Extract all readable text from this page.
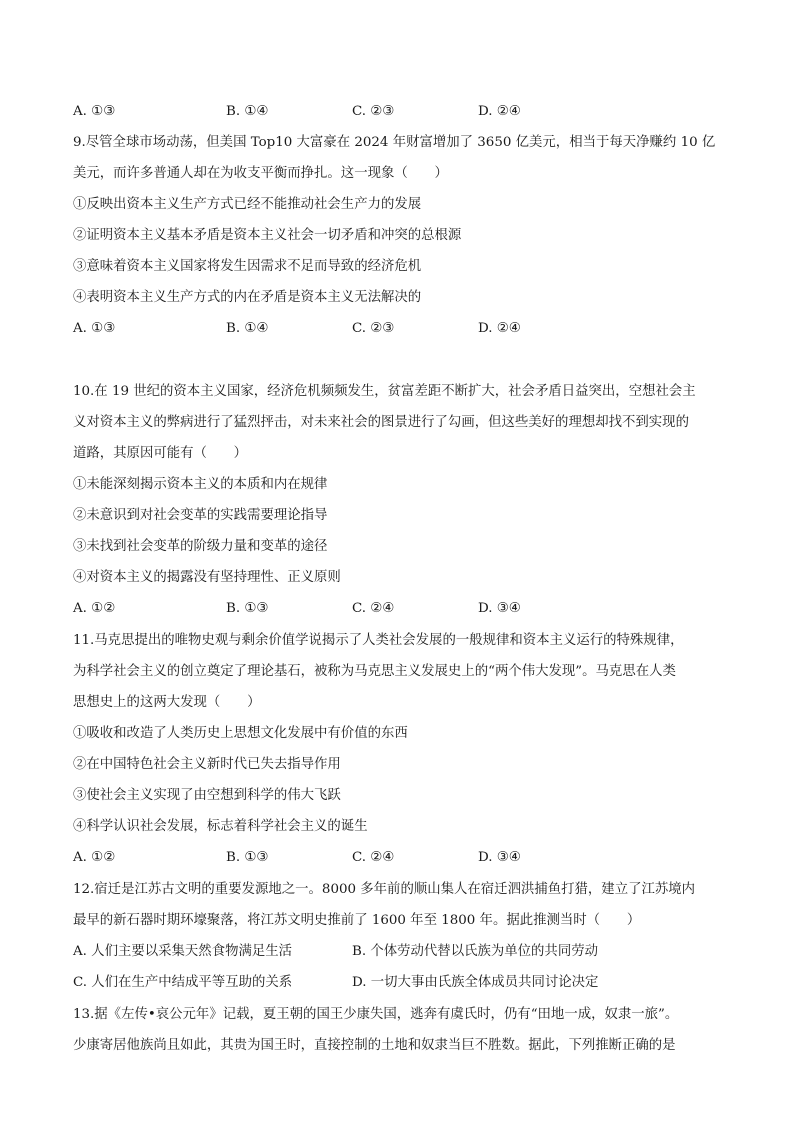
A. ①③	B. ①④	C. ②③	D. ②④
9.尽管全球市场动荡，但美国 Top10 大富豪在 2024 年财富增加了 3650 亿美元，相当于每天净赚约 10 亿
美元，而许多普通人却在为收支平衡而挣扎。这一现象（　　）
①反映出资本主义生产方式已经不能推动社会生产力的发展
②证明资本主义基本矛盾是资本主义社会一切矛盾和冲突的总根源
③意味着资本主义国家将发生因需求不足而导致的经济危机
④表明资本主义生产方式的内在矛盾是资本主义无法解决的
A. ①③	B. ①④	C. ②③	D. ②④
10.在 19 世纪的资本主义国家，经济危机频频发生，贫富差距不断扩大，社会矛盾日益突出，空想社会主
义对资本主义的弊病进行了猛烈抨击，对未来社会的图景进行了勾画，但这些美好的理想却找不到实现的
道路，其原因可能有（　　）
①未能深刻揭示资本主义的本质和内在规律
②未意识到对社会变革的实践需要理论指导
③未找到社会变革的阶级力量和变革的途径
④对资本主义的揭露没有坚持理性、正义原则
A. ①②	B. ①③	C. ②④	D. ③④
11.马克思提出的唯物史观与剩余价值学说揭示了人类社会发展的一般规律和资本主义运行的特殊规律，
为科学社会主义的创立奠定了理论基石，被称为马克思主义发展史上的“两个伟大发现”。马克思在人类
思想史上的这两大发现（　　）
①吸收和改造了人类历史上思想文化发展中有价值的东西
②在中国特色社会主义新时代已失去指导作用
③使社会主义实现了由空想到科学的伟大飞跃
④科学认识社会发展，标志着科学社会主义的诞生
A. ①②	B. ①③	C. ②④	D. ③④
12.宿迁是江苏古文明的重要发源地之一。8000 多年前的顺山集人在宿迁泗洪捕鱼打猎，建立了江苏境内
最早的新石器时期环壕聚落，将江苏文明史推前了 1600 年至 1800 年。据此推测当时（　　）
A. 人们主要以采集天然食物满足生活	B. 个体劳动代替以氏族为单位的共同劳动
C. 人们在生产中结成平等互助的关系	D. 一切大事由氏族全体成员共同讨论决定
13.据《左传•哀公元年》记载，夏王朝的国王少康失国，逃奔有虞氏时，仍有“田地一成，奴隶一旅”。
少康寄居他族尚且如此，其贵为国王时，直接控制的土地和奴隶当巨不胜数。据此，下列推断正确的是
